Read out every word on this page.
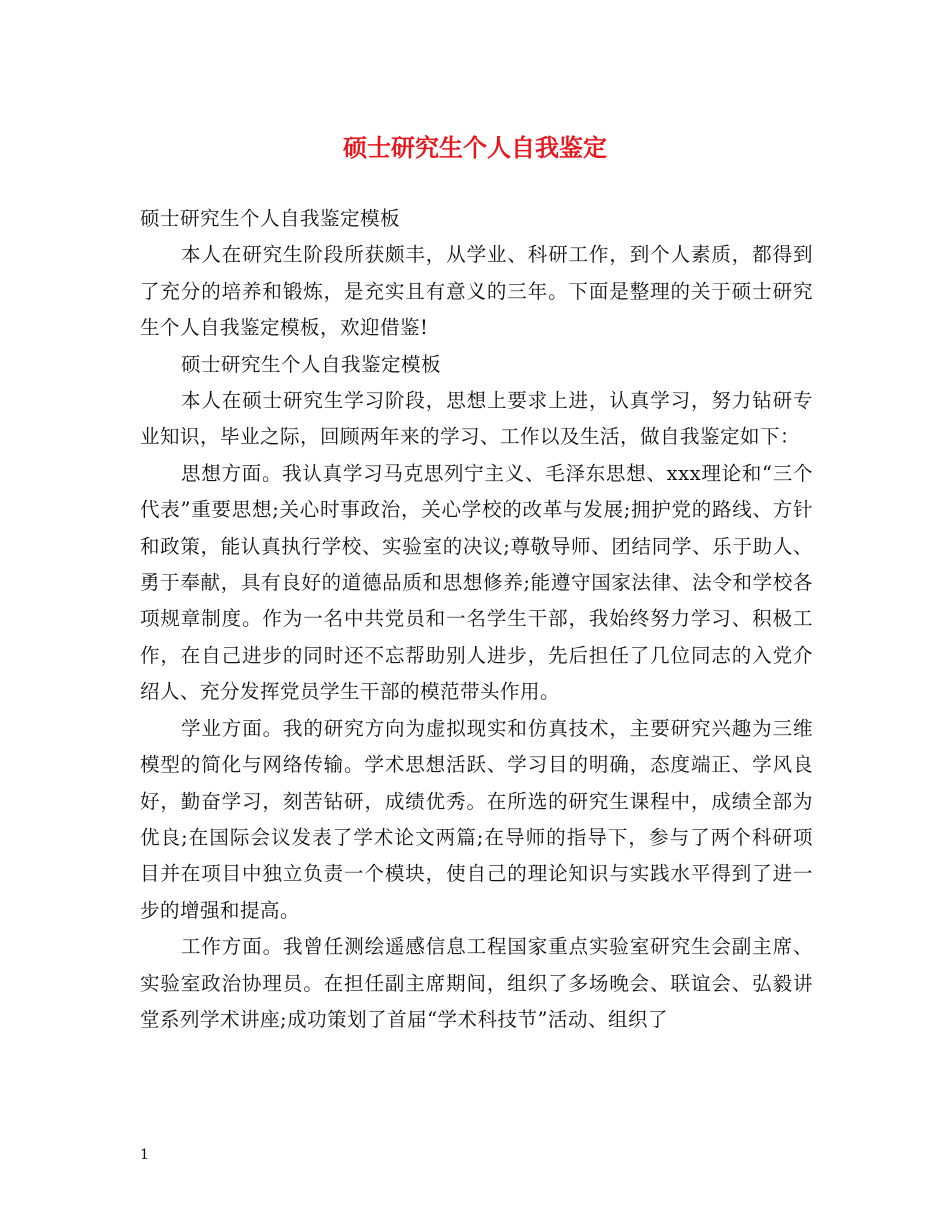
硕士研究生个人自我鉴定

硕士研究生个人自我鉴定模板

本人在研究生阶段所获颇丰，从学业、科研工作，到个人素质，都得到了充分的培养和锻炼，是充实且有意义的三年。下面是整理的关于硕士研究生个人自我鉴定模板，欢迎借鉴!

硕士研究生个人自我鉴定模板

本人在硕士研究生学习阶段，思想上要求上进，认真学习，努力钻研专业知识，毕业之际，回顾两年来的学习、工作以及生活，做自我鉴定如下：

思想方面。我认真学习马克思列宁主义、毛泽东思想、xxx理论和“三个代表”重要思想;关心时事政治，关心学校的改革与发展;拥护党的路线、方针和政策，能认真执行学校、实验室的决议;尊敬导师、团结同学、乐于助人、勇于奉献，具有良好的道德品质和思想修养;能遵守国家法律、法令和学校各项规章制度。作为一名中共党员和一名学生干部，我始终努力学习、积极工作，在自己进步的同时还不忘帮助别人进步，先后担任了几位同志的入党介绍人、充分发挥党员学生干部的模范带头作用。

学业方面。我的研究方向为虚拟现实和仿真技术，主要研究兴趣为三维模型的简化与网络传输。学术思想活跃、学习目的明确，态度端正、学风良好，勤奋学习，刻苦钻研，成绩优秀。在所选的研究生课程中，成绩全部为优良;在国际会议发表了学术论文两篇;在导师的指导下，参与了两个科研项目并在项目中独立负责一个模块，使自己的理论知识与实践水平得到了进一步的增强和提高。

工作方面。我曾任测绘遥感信息工程国家重点实验室研究生会副主席、实验室政治协理员。在担任副主席期间，组织了多场晚会、联谊会、弘毅讲堂系列学术讲座;成功策划了首届“学术科技节”活动、组织了

1
